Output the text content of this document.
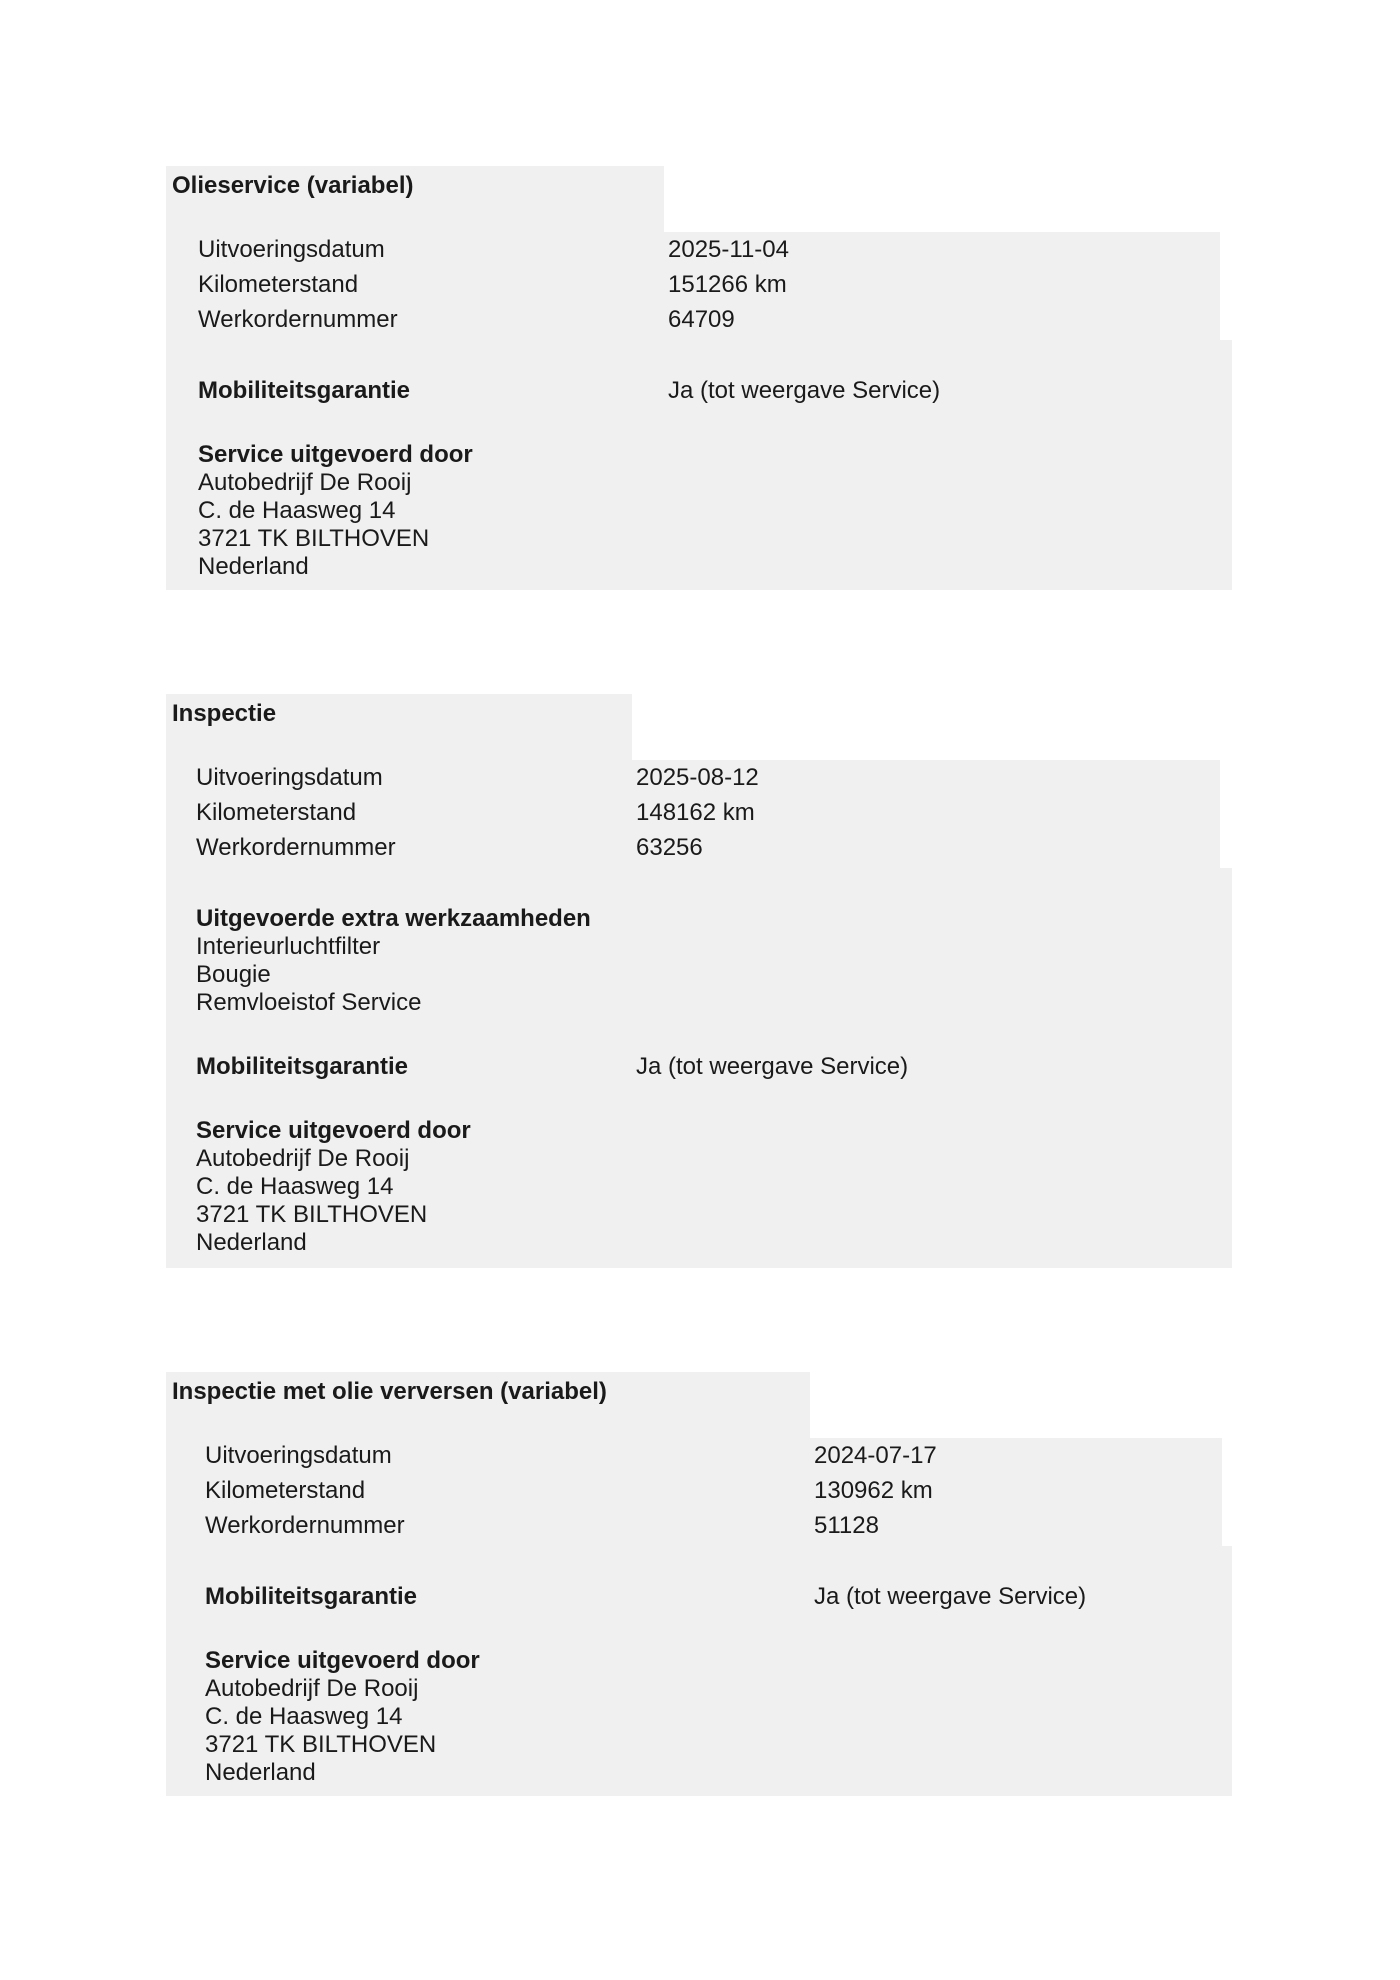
Olieservice (variabel)
Uitvoeringsdatum	2025-11-04
Kilometerstand	151266 km
Werkordernummer	64709
Mobiliteitsgarantie	Ja (tot weergave Service)
Service uitgevoerd door
Autobedrijf De Rooij
C. de Haasweg 14
3721 TK BILTHOVEN
Nederland
Inspectie
Uitvoeringsdatum	2025-08-12
Kilometerstand	148162 km
Werkordernummer	63256
Uitgevoerde extra werkzaamheden
Interieurluchtfilter
Bougie
Remvloeistof Service
Mobiliteitsgarantie	Ja (tot weergave Service)
Service uitgevoerd door
Autobedrijf De Rooij
C. de Haasweg 14
3721 TK BILTHOVEN
Nederland
Inspectie met olie verversen (variabel)
Uitvoeringsdatum	2024-07-17
Kilometerstand	130962 km
Werkordernummer	51128
Mobiliteitsgarantie	Ja (tot weergave Service)
Service uitgevoerd door
Autobedrijf De Rooij
C. de Haasweg 14
3721 TK BILTHOVEN
Nederland
